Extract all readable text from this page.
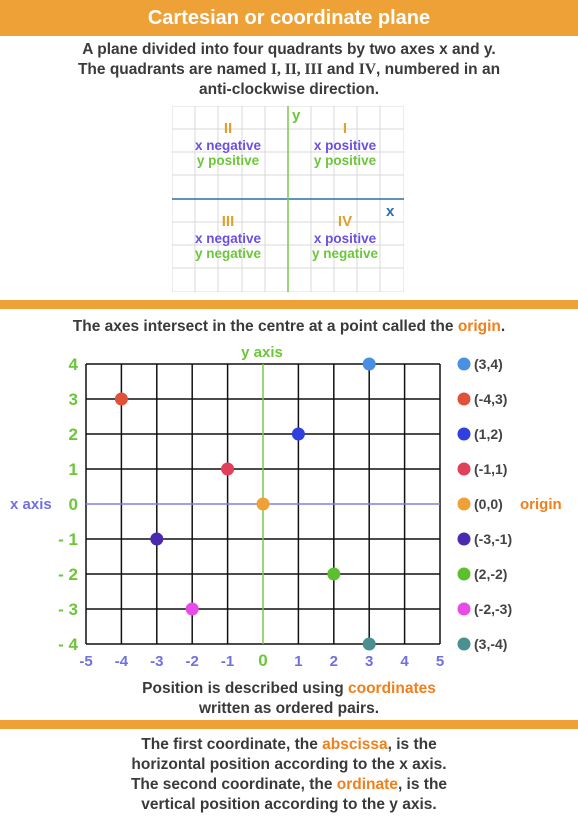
Cartesian or coordinate plane
A plane divided into four quadrants by two axes x and y.
The quadrants are named I, II, III and IV, numbered in an
anti-clockwise direction.
y
x
II
x negative
y positive
I
x positive
y positive
III
x negative
y negative
IV
x positive
y negative
The axes intersect in the centre at a point called the origin.
4
3
2
1
0
- 1
- 2
- 3
- 4
-5 -4 -3 -2 -1 0 1 2 3 4 5
(3,4)
(-4,3)
(1,2)
(-1,1)
(0,0) origin
(-3,-1)
(2,-2)
(-2,-3)
(3,-4)
y axis
x axis
Position is described using coordinates
written as ordered pairs.
The first coordinate, the abscissa, is the
horizontal position according to the x axis.
The second coordinate, the ordinate, is the
vertical position according to the y axis.
